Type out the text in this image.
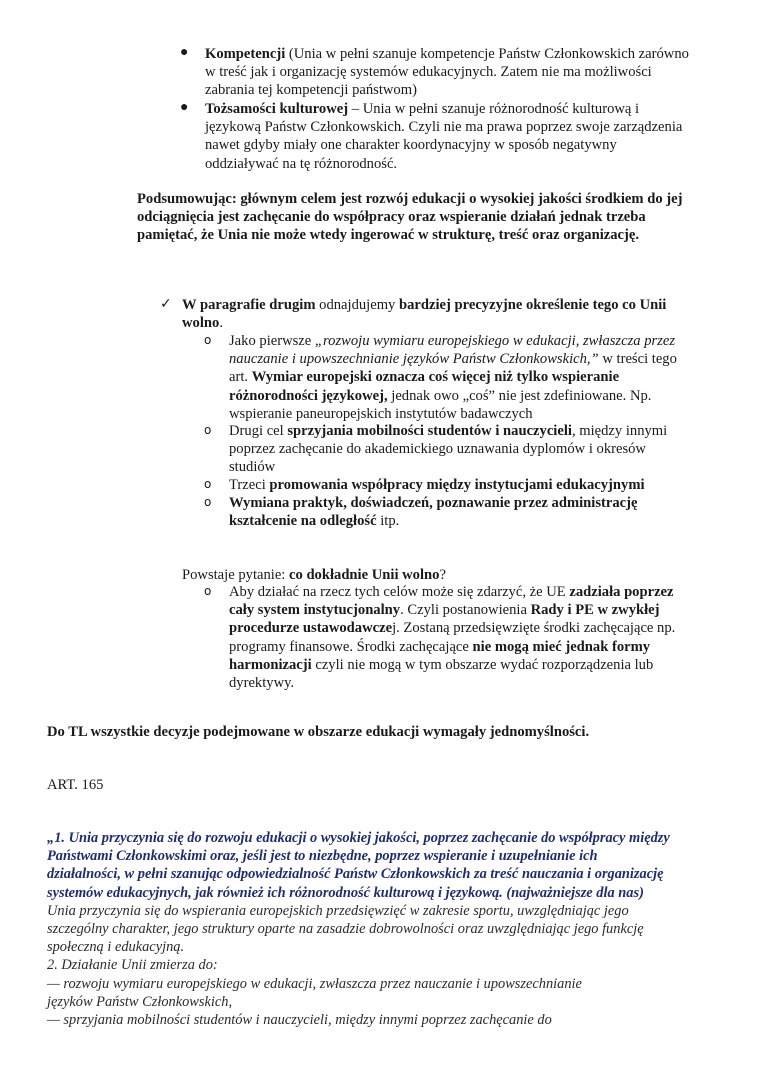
● Kompetencji (Unia w pełni szanuje kompetencje Państw Członkowskich zarówno
w treść jak i organizację systemów edukacyjnych. Zatem nie ma możliwości
zabrania tej kompetencji państwom)
● Tożsamości kulturowej – Unia w pełni szanuje różnorodność kulturową i
językową Państw Członkowskich. Czyli nie ma prawa poprzez swoje zarządzenia
nawet gdyby miały one charakter koordynacyjny w sposób negatywny
oddziaływać na tę różnorodność.
Podsumowując: głównym celem jest rozwój edukacji o wysokiej jakości środkiem do jej
odciągnięcia jest zachęcanie do współpracy oraz wspieranie działań jednak trzeba
pamiętać, że Unia nie może wtedy ingerować w strukturę, treść oraz organizację.
✓ W paragrafie drugim odnajdujemy bardziej precyzyjne określenie tego co Unii
wolno.
o Jako pierwsze „rozwoju wymiaru europejskiego w edukacji, zwłaszcza przez
nauczanie i upowszechnianie języków Państw Członkowskich,” w treści tego
art. Wymiar europejski oznacza coś więcej niż tylko wspieranie
różnorodności językowej, jednak owo „coś” nie jest zdefiniowane. Np.
wspieranie paneuropejskich instytutów badawczych
o Drugi cel sprzyjania mobilności studentów i nauczycieli, między innymi
poprzez zachęcanie do akademickiego uznawania dyplomów i okresów
studiów
o Trzeci promowania współpracy między instytucjami edukacyjnymi
o Wymiana praktyk, doświadczeń, poznawanie przez administrację
kształcenie na odległość itp.
Powstaje pytanie: co dokładnie Unii wolno?
o Aby działać na rzecz tych celów może się zdarzyć, że UE zadziała poprzez
cały system instytucjonalny. Czyli postanowienia Rady i PE w zwykłej
procedurze ustawodawczej. Zostaną przedsięwzięte środki zachęcające np.
programy finansowe. Środki zachęcające nie mogą mieć jednak formy
harmonizacji czyli nie mogą w tym obszarze wydać rozporządzenia lub
dyrektywy.
Do TL wszystkie decyzje podejmowane w obszarze edukacji wymagały jednomyślności.
ART. 165
„1. Unia przyczynia się do rozwoju edukacji o wysokiej jakości, poprzez zachęcanie do współpracy między
Państwami Członkowskimi oraz, jeśli jest to niezbędne, poprzez wspieranie i uzupełnianie ich
działalności, w pełni szanując odpowiedzialność Państw Członkowskich za treść nauczania i organizację
systemów edukacyjnych, jak również ich różnorodność kulturową i językową. (najważniejsze dla nas)
Unia przyczynia się do wspierania europejskich przedsięwzięć w zakresie sportu, uwzględniając jego
szczególny charakter, jego struktury oparte na zasadzie dobrowolności oraz uwzględniając jego funkcję
społeczną i edukacyjną.
2. Działanie Unii zmierza do:
— rozwoju wymiaru europejskiego w edukacji, zwłaszcza przez nauczanie i upowszechnianie
języków Państw Członkowskich,
— sprzyjania mobilności studentów i nauczycieli, między innymi poprzez zachęcanie do
